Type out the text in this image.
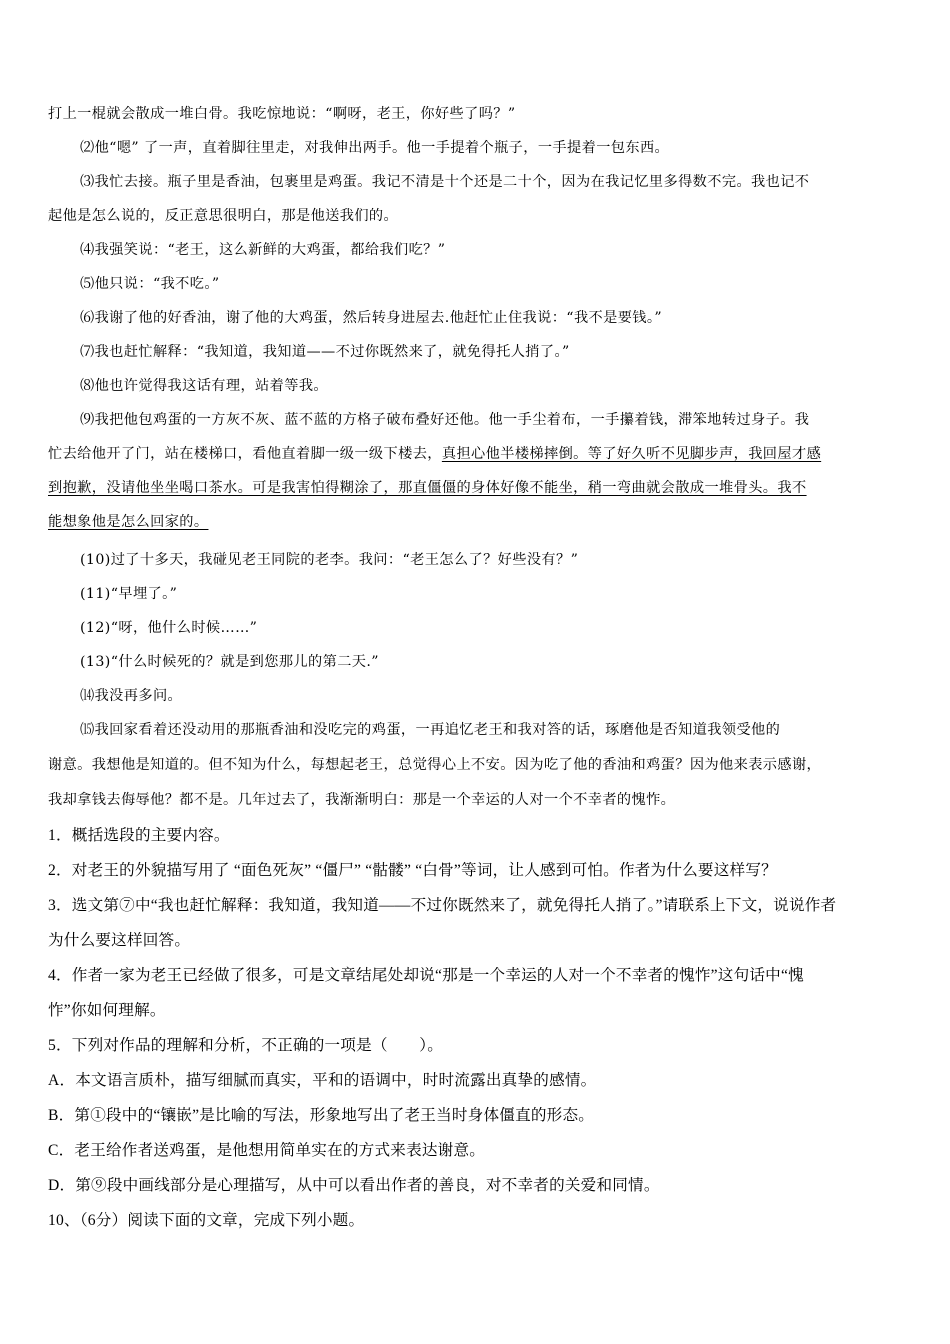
打上一棍就会散成一堆白骨。我吃惊地说：“啊呀，老王，你好些了吗？”
⑵他“嗯” 了一声，直着脚往里走，对我伸出两手。他一手提着个瓶子，一手提着一包东西。
⑶我忙去接。瓶子里是香油，包裹里是鸡蛋。我记不清是十个还是二十个，因为在我记忆里多得数不完。我也记不
起他是怎么说的，反正意思很明白，那是他送我们的。
⑷我强笑说：“老王，这么新鲜的大鸡蛋，都给我们吃？”
⑸他只说：“我不吃。”
⑹我谢了他的好香油，谢了他的大鸡蛋，然后转身进屋去.他赶忙止住我说：“我不是要钱。”
⑺我也赶忙解释：“我知道，我知道——不过你既然来了，就免得托人捎了。”
⑻他也许觉得我这话有理，站着等我。
⑼我把他包鸡蛋的一方灰不灰、蓝不蓝的方格子破布叠好还他。他一手尘着布，一手攥着钱，滞笨地转过身子。我
忙去给他开了门，站在楼梯口，看他直着脚一级一级下楼去，真担心他半楼梯摔倒。等了好久听不见脚步声，我回屋才感
到抱歉，没请他坐坐喝口茶水。可是我害怕得糊涂了，那直僵僵的身体好像不能坐，稍一弯曲就会散成一堆骨头。我不
能想象他是怎么回家的。
(10)过了十多天，我碰见老王同院的老李。我问：“老王怎么了？好些没有？”
(11)“早埋了。”
(12)“呀，他什么时候……”
(13)“什么时候死的？就是到您那儿的第二天.”
⒁我没再多问。
⒂我回家看着还没动用的那瓶香油和没吃完的鸡蛋，一再追忆老王和我对答的话，琢磨他是否知道我领受他的
谢意。我想他是知道的。但不知为什么，每想起老王，总觉得心上不安。因为吃了他的香油和鸡蛋？因为他来表示感谢，
我却拿钱去侮辱他？都不是。几年过去了，我渐渐明白：那是一个幸运的人对一个不幸者的愧怍。
1．概括选段的主要内容。
2．对老王的外貌描写用了 “面色死灰” “僵尸” “骷髅” “白骨”等词，让人感到可怕。作者为什么要这样写？
3．选文第⑦中“我也赶忙解释：我知道，我知道——不过你既然来了，就免得托人捎了。”请联系上下文，说说作者
为什么要这样回答。
4．作者一家为老王已经做了很多，可是文章结尾处却说“那是一个幸运的人对一个不幸者的愧怍”这句话中“愧
怍”你如何理解。
5．下列对作品的理解和分析，不正确的一项是（　　）。
A．本文语言质朴，描写细腻而真实，平和的语调中，时时流露出真挚的感情。
B．第①段中的“镶嵌”是比喻的写法，形象地写出了老王当时身体僵直的形态。
C．老王给作者送鸡蛋，是他想用简单实在的方式来表达谢意。
D．第⑨段中画线部分是心理描写，从中可以看出作者的善良，对不幸者的关爱和同情。
10、（6分）阅读下面的文章，完成下列小题。
